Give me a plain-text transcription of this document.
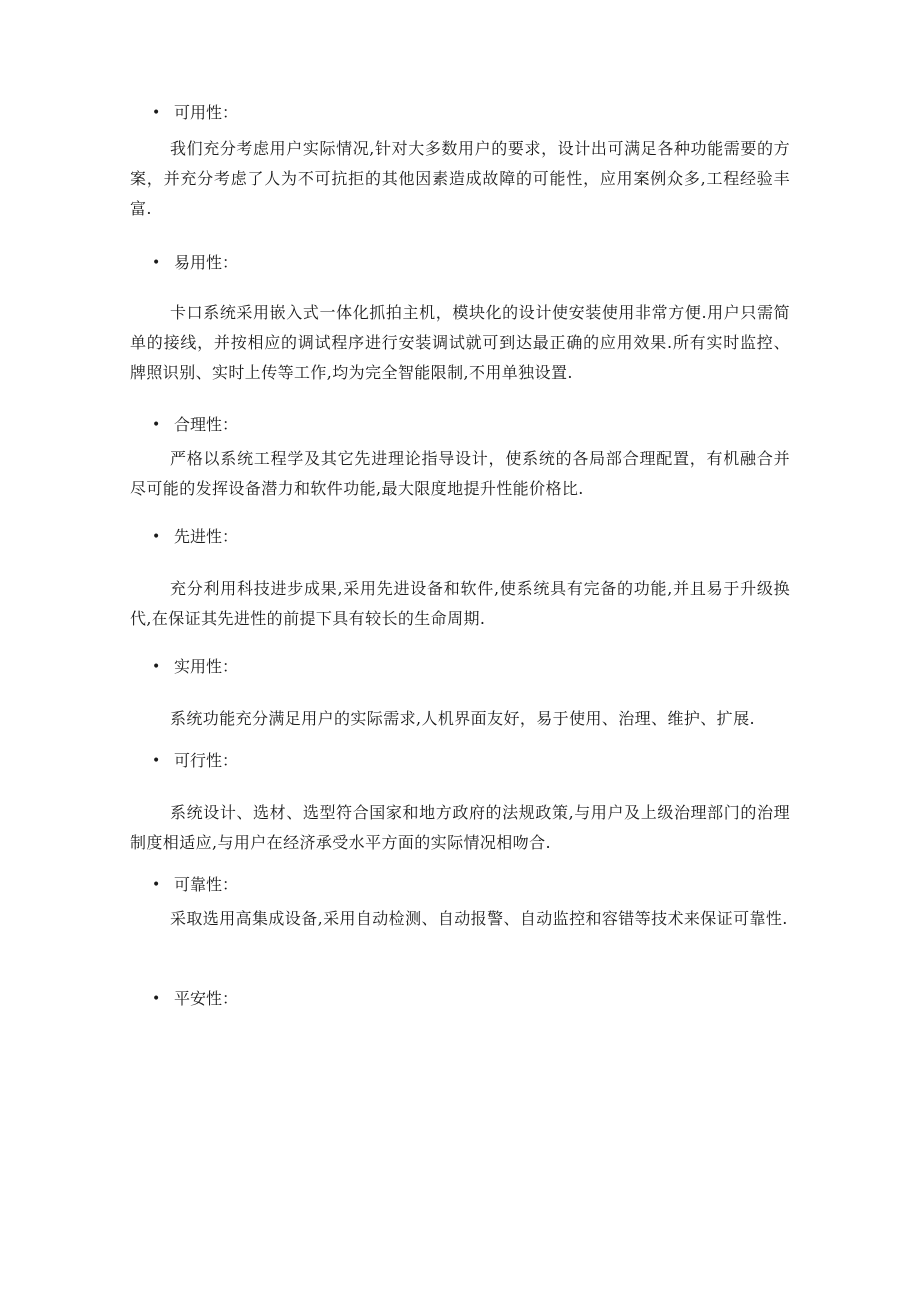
• 可用性：

我们充分考虑用户实际情况,针对大多数用户的要求，设计出可满足各种功能需要的方案，并充分考虑了人为不可抗拒的其他因素造成故障的可能性，应用案例众多,工程经验丰富.

• 易用性：

卡口系统采用嵌入式一体化抓拍主机，模块化的设计使安装使用非常方便.用户只需简单的接线，并按相应的调试程序进行安装调试就可到达最正确的应用效果.所有实时监控、牌照识别、实时上传等工作,均为完全智能限制,不用单独设置.

• 合理性：

严格以系统工程学及其它先进理论指导设计，使系统的各局部合理配置，有机融合并尽可能的发挥设备潜力和软件功能,最大限度地提升性能价格比.

• 先进性：

充分利用科技进步成果,采用先进设备和软件,使系统具有完备的功能,并且易于升级换代,在保证其先进性的前提下具有较长的生命周期.

• 实用性：

系统功能充分满足用户的实际需求,人机界面友好，易于使用、治理、维护、扩展.

• 可行性：

系统设计、选材、选型符合国家和地方政府的法规政策,与用户及上级治理部门的治理制度相适应,与用户在经济承受水平方面的实际情况相吻合.

• 可靠性：

采取选用高集成设备,采用自动检测、自动报警、自动监控和容错等技术来保证可靠性.

• 平安性：
